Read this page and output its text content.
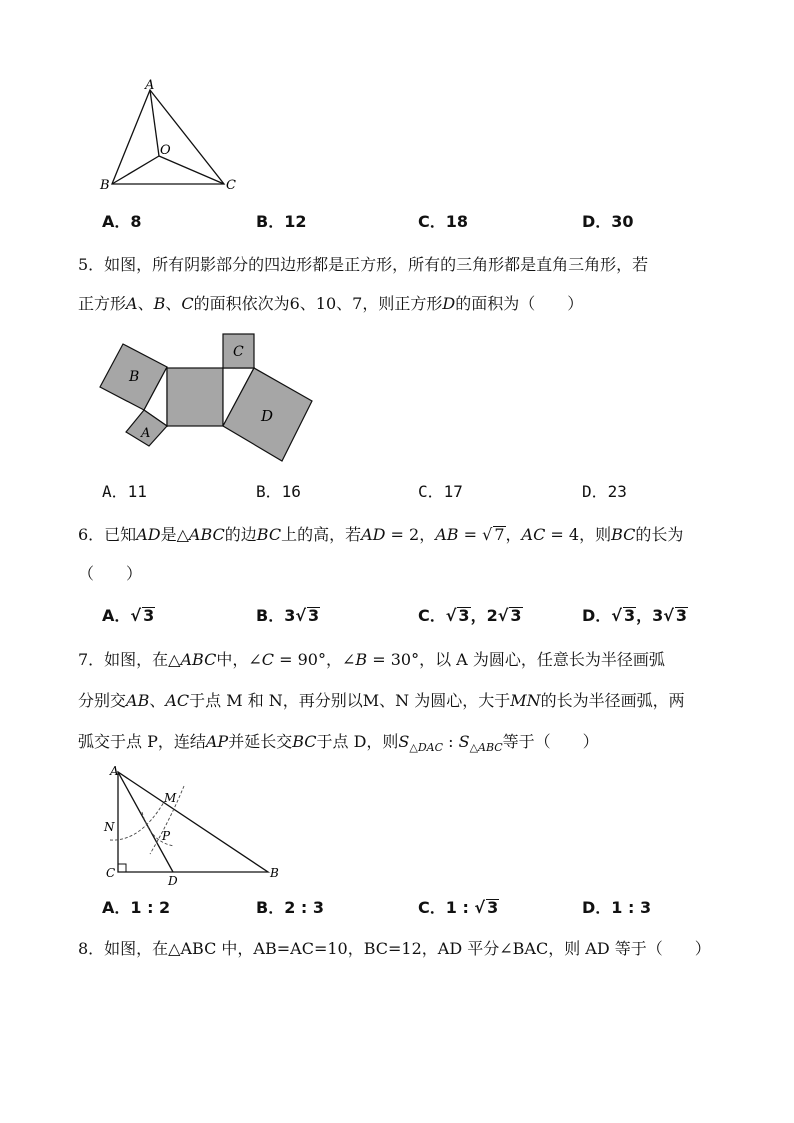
A
O
B	C
A．8	B．12	C．18	D．30
5．如图，所有阴影部分的四边形都是正方形，所有的三角形都是直角三角形，若
正方形A、B、C的面积依次为6、10、7，则正方形D的面积为（　　）
B
A
C
D
A．11	B．16	C．17	D．23
6．已知AD是△ABC的边BC上的高，若AD = 2，AB = √ 7，AC = 4，则BC的长为
（　　）
A．√ 3	B．3√ 3	C．√ 3，2√ 3	D．√ 3，3√ 3
7．如图，在△ABC中，∠C = 90°，∠B = 30°，以 A 为圆心，任意长为半径画弧
分别交AB、AC于点 M 和 N，再分别以M、N 为圆心，大于MN的长为半径画弧，两
弧交于点 P，连结AP并延长交BC于点 D，则$S_{\triangle DAC}$ : $S_{\triangle ABC}$等于（　　）
A
M
N
P
C
D
B
A．1 : 2	B．2 : 3	C．1 : √ 3	D．1 : 3
8．如图，在△ABC 中，AB=AC=10，BC=12，AD 平分∠BAC，则 AD 等于（　　）
